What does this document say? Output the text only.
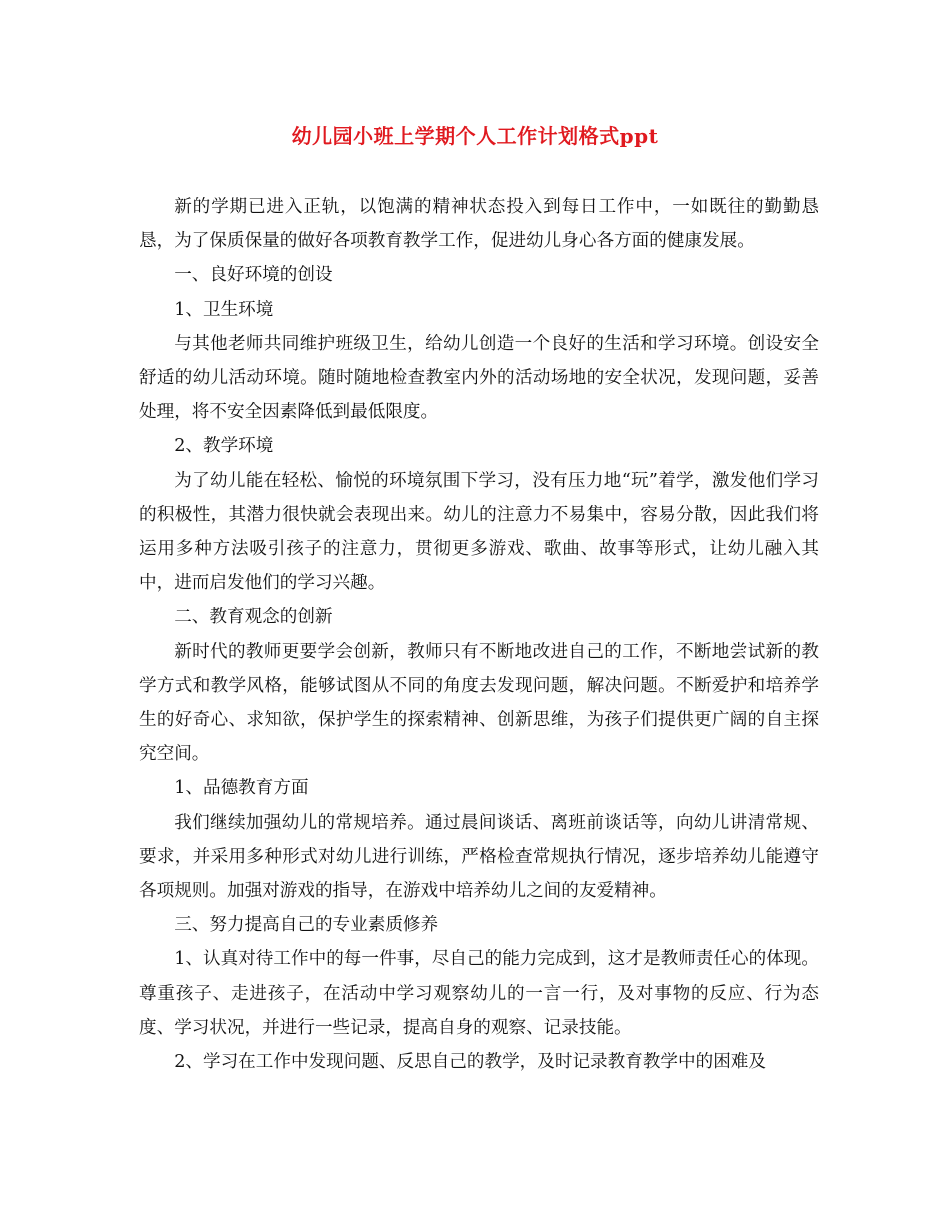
幼儿园小班上学期个人工作计划格式ppt

新的学期已进入正轨，以饱满的精神状态投入到每日工作中，一如既往的勤勤恳恳，为了保质保量的做好各项教育教学工作，促进幼儿身心各方面的健康发展。

一、良好环境的创设

1、卫生环境

与其他老师共同维护班级卫生，给幼儿创造一个良好的生活和学习环境。创设安全舒适的幼儿活动环境。随时随地检查教室内外的活动场地的安全状况，发现问题，妥善处理，将不安全因素降低到最低限度。

2、教学环境

为了幼儿能在轻松、愉悦的环境氛围下学习，没有压力地“玩”着学，激发他们学习的积极性，其潜力很快就会表现出来。幼儿的注意力不易集中，容易分散，因此我们将运用多种方法吸引孩子的注意力，贯彻更多游戏、歌曲、故事等形式，让幼儿融入其中，进而启发他们的学习兴趣。

二、教育观念的创新

新时代的教师更要学会创新，教师只有不断地改进自己的工作，不断地尝试新的教学方式和教学风格，能够试图从不同的角度去发现问题，解决问题。不断爱护和培养学生的好奇心、求知欲，保护学生的探索精神、创新思维，为孩子们提供更广阔的自主探究空间。

1、品德教育方面

我们继续加强幼儿的常规培养。通过晨间谈话、离班前谈话等，向幼儿讲清常规、要求，并采用多种形式对幼儿进行训练，严格检查常规执行情况，逐步培养幼儿能遵守各项规则。加强对游戏的指导，在游戏中培养幼儿之间的友爱精神。

三、努力提高自己的专业素质修养

1、认真对待工作中的每一件事，尽自己的能力完成到，这才是教师责任心的体现。尊重孩子、走进孩子，在活动中学习观察幼儿的一言一行，及对事物的反应、行为态度、学习状况，并进行一些记录，提高自身的观察、记录技能。

2、学习在工作中发现问题、反思自己的教学，及时记录教育教学中的困难及
